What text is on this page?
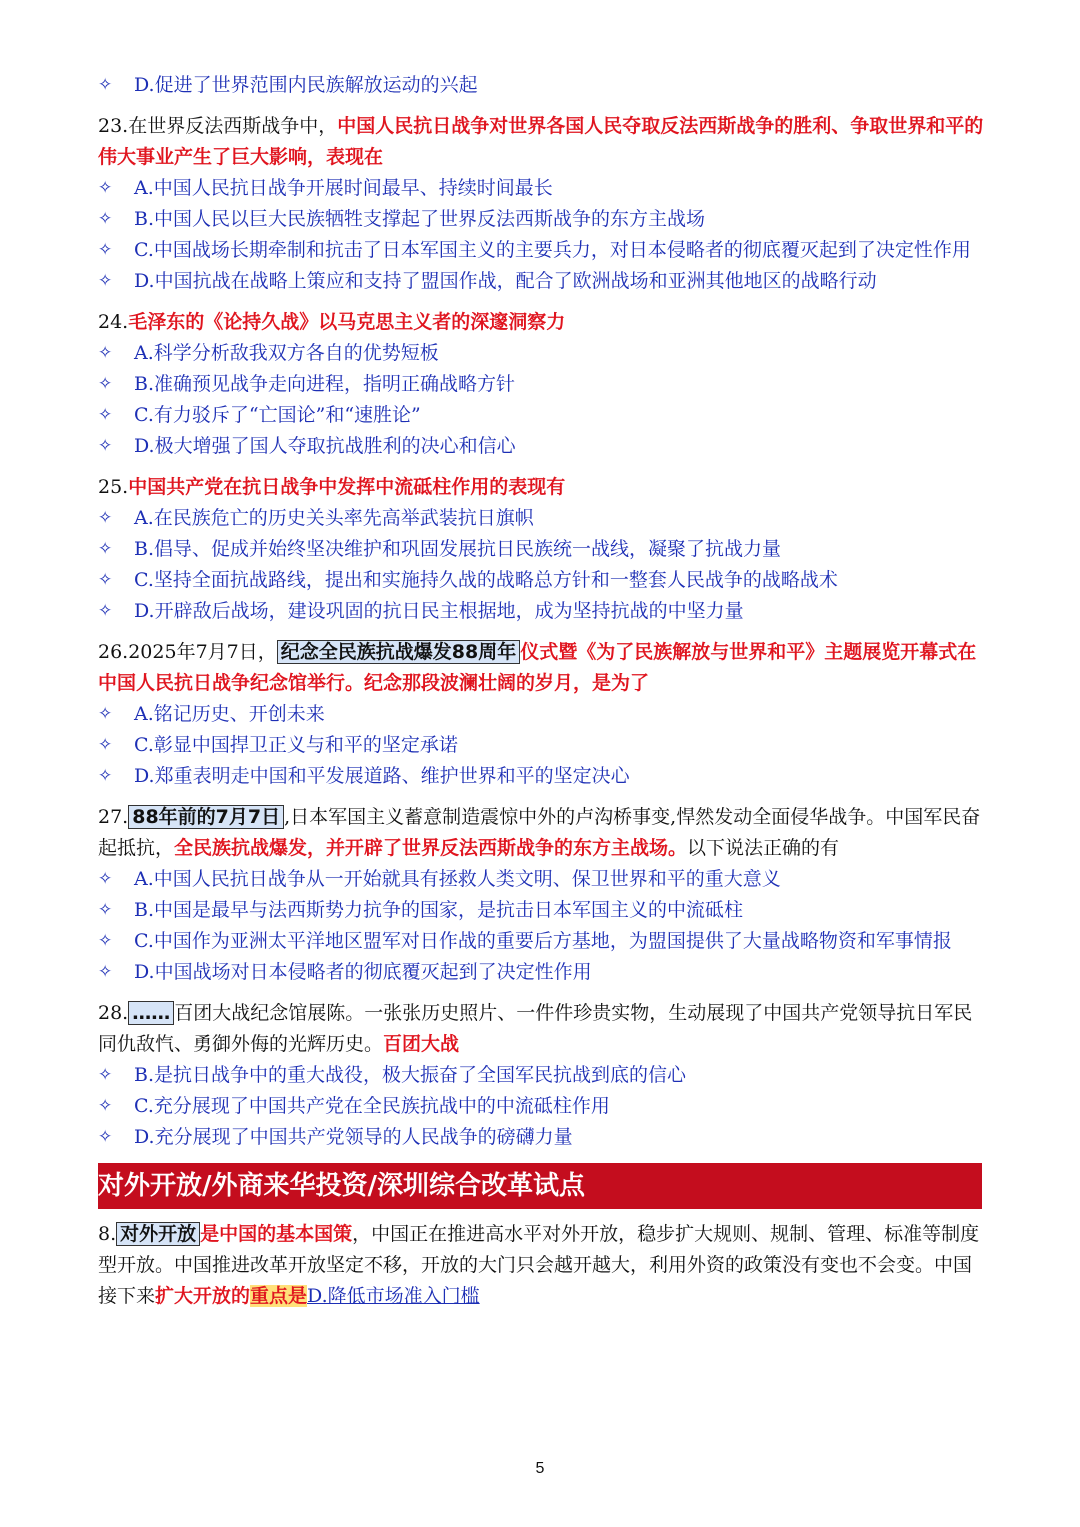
✧	D.促进了世界范围内民族解放运动的兴起
23.在世界反法西斯战争中，中国人民抗日战争对世界各国人民夺取反法西斯战争的胜利、争取世界和平的伟大事业产生了巨大影响，表现在
✧	A.中国人民抗日战争开展时间最早、持续时间最长
✧	B.中国人民以巨大民族牺牲支撑起了世界反法西斯战争的东方主战场
✧	C.中国战场长期牵制和抗击了日本军国主义的主要兵力，对日本侵略者的彻底覆灭起到了决定性作用
✧	D.中国抗战在战略上策应和支持了盟国作战，配合了欧洲战场和亚洲其他地区的战略行动
24.毛泽东的《论持久战》以马克思主义者的深邃洞察力
✧	A.科学分析敌我双方各自的优势短板
✧	B.准确预见战争走向进程，指明正确战略方针
✧	C.有力驳斥了“亡国论”和“速胜论”
✧	D.极大增强了国人夺取抗战胜利的决心和信心
25.中国共产党在抗日战争中发挥中流砥柱作用的表现有
✧	A.在民族危亡的历史关头率先高举武装抗日旗帜
✧	B.倡导、促成并始终坚决维护和巩固发展抗日民族统一战线，凝聚了抗战力量
✧	C.坚持全面抗战路线，提出和实施持久战的战略总方针和一整套人民战争的战略战术
✧	D.开辟敌后战场，建设巩固的抗日民主根据地，成为坚持抗战的中坚力量
26.2025年7月7日， 纪念全民族抗战爆发88周年 仪式暨《为了民族解放与世界和平》主题展览开幕式在中国人民抗日战争纪念馆举行。纪念那段波澜壮阔的岁月，是为了
✧	A.铭记历史、开创未来
✧	C.彰显中国捍卫正义与和平的坚定承诺
✧	D.郑重表明走中国和平发展道路、维护世界和平的坚定决心
27. 88年前的7月7日 ,日本军国主义蓄意制造震惊中外的卢沟桥事变,悍然发动全面侵华战争。中国军民奋起抵抗，全民族抗战爆发，并开辟了世界反法西斯战争的东方主战场。以下说法正确的有
✧	A.中国人民抗日战争从一开始就具有拯救人类文明、保卫世界和平的重大意义
✧	B.中国是最早与法西斯势力抗争的国家，是抗击日本军国主义的中流砥柱
✧	C.中国作为亚洲太平洋地区盟军对日作战的重要后方基地，为盟国提供了大量战略物资和军事情报
✧	D.中国战场对日本侵略者的彻底覆灭起到了决定性作用
28. …… 百团大战纪念馆展陈。一张张历史照片、一件件珍贵实物，生动展现了中国共产党领导抗日军民同仇敌忾、勇御外侮的光辉历史。百团大战
✧	B.是抗日战争中的重大战役，极大振奋了全国军民抗战到底的信心
✧	C.充分展现了中国共产党在全民族抗战中的中流砥柱作用
✧	D.充分展现了中国共产党领导的人民战争的磅礴力量
对外开放/外商来华投资/深圳综合改革试点
8. 对外开放 是中国的基本国策，中国正在推进高水平对外开放，稳步扩大规则、规制、管理、标准等制度型开放。中国推进改革开放坚定不移，开放的大门只会越开越大，利用外资的政策没有变也不会变。中国接下来扩大开放的重点是D.降低市场准入门槛
5
